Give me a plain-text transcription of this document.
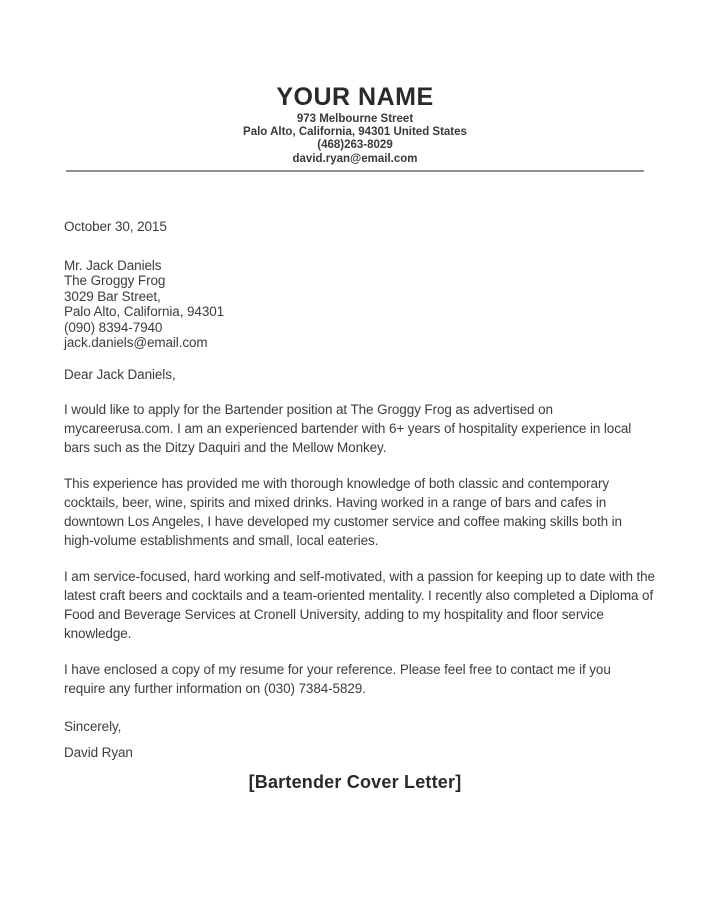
YOUR NAME
973 Melbourne Street
Palo Alto, California, 94301 United States
(468)263-8029
david.ryan@email.com

October 30, 2015

Mr. Jack Daniels
The Groggy Frog
3029 Bar Street,
Palo Alto, California, 94301
(090) 8394-7940
jack.daniels@email.com

Dear Jack Daniels,

I would like to apply for the Bartender position at The Groggy Frog as advertised on mycareerusa.com. I am an experienced bartender with 6+ years of hospitality experience in local bars such as the Ditzy Daquiri and the Mellow Monkey.

This experience has provided me with thorough knowledge of both classic and contemporary cocktails, beer, wine, spirits and mixed drinks. Having worked in a range of bars and cafes in downtown Los Angeles, I have developed my customer service and coffee making skills both in high-volume establishments and small, local eateries.

I am service-focused, hard working and self-motivated, with a passion for keeping up to date with the latest craft beers and cocktails and a team-oriented mentality. I recently also completed a Diploma of Food and Beverage Services at Cronell University, adding to my hospitality and floor service knowledge.

I have enclosed a copy of my resume for your reference. Please feel free to contact me if you require any further information on (030) 7384-5829.

Sincerely,

David Ryan

[Bartender Cover Letter]
